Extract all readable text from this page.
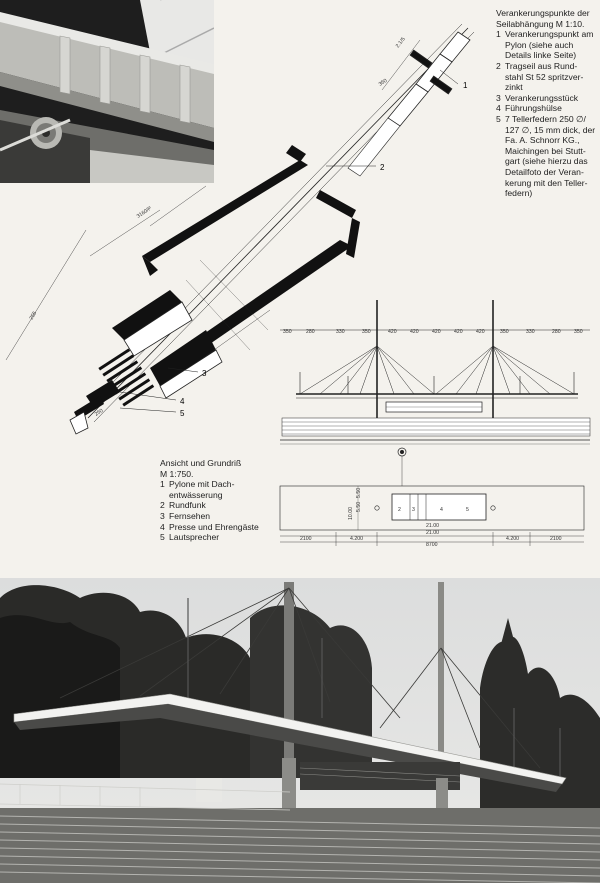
1
2
3
4
5
2.1/5
3160/P
255
350
250
350	280	330	350	420	420	420	420	420	350	330	280	350
2 3	4	5
21.00
21.00
4.200	4.200
2100	2100
8700
5.50
5.50
10.00
Verankerungspunkte der
Seilabhängung M 1:10.
1 Verankerungspunkt am
Pylon (siehe auch
Details linke Seite)
2 Tragseil aus Rund-
stahl St 52 spritzver-
zinkt
3 Verankerungsstück
4 Führungshülse
5 7 Tellerfedern 250 ∅/
127 ∅, 15 mm dick, der
Fa. A. Schnorr KG.,
Maichingen bei Stutt-
gart (siehe hierzu das
Detailfoto der Veran-
kerung mit den Teller-
federn)
Ansicht und Grundriß
M 1:750.
1 Pylone mit Dach-
entwässerung
2 Rundfunk
3 Fernsehen
4 Presse und Ehrengäste
5 Lautsprecher
